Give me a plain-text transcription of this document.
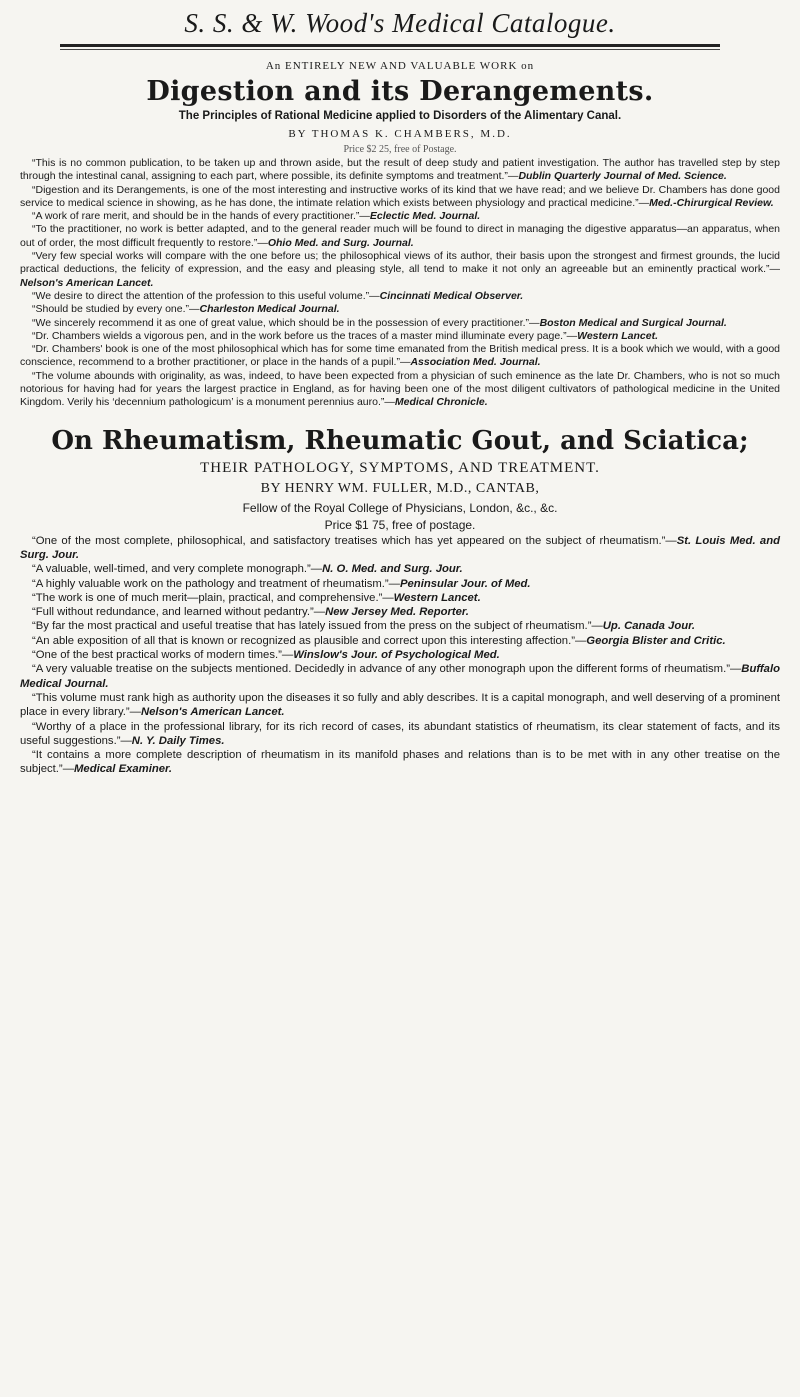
S. S. & W. Wood's Medical Catalogue.
An ENTIRELY NEW AND VALUABLE WORK on
Digestion and its Derangements.
The Principles of Rational Medicine applied to Disorders of the Alimentary Canal.
BY THOMAS K. CHAMBERS, M.D.
Price $2 25, free of Postage.

“This is no common publication, to be taken up and thrown aside, but the result of deep study and patient investigation. The author has travelled step by step through the intestinal canal, assigning to each part, where possible, its definite symptoms and treatment.”—Dublin Quarterly Journal of Med. Science.

“Digestion and its Derangements, is one of the most interesting and instructive works of its kind that we have read; and we believe Dr. Chambers has done good service to medical science in showing, as he has done, the intimate relation which exists between physiology and practical medicine.”—Med.-Chirurgical Review.

“A work of rare merit, and should be in the hands of every practitioner.”—Eclectic Med. Journal.

“To the practitioner, no work is better adapted, and to the general reader much will be found to direct in managing the digestive apparatus—an apparatus, when out of order, the most difficult frequently to restore.”—Ohio Med. and Surg. Journal.

“Very few special works will compare with the one before us; the philosophical views of its author, their basis upon the strongest and firmest grounds, the lucid practical deductions, the felicity of expression, and the easy and pleasing style, all tend to make it not only an agreeable but an eminently practical work.”—Nelson's American Lancet.

“We desire to direct the attention of the profession to this useful volume.”—Cincinnati Medical Observer.

“Should be studied by every one.”—Charleston Medical Journal.

“We sincerely recommend it as one of great value, which should be in the possession of every practitioner.”—Boston Medical and Surgical Journal.

“Dr. Chambers wields a vigorous pen, and in the work before us the traces of a master mind illuminate every page.”—Western Lancet.

“Dr. Chambers' book is one of the most philosophical which has for some time emanated from the British medical press. It is a book which we would, with a good conscience, recommend to a brother practitioner, or place in the hands of a pupil.”—Association Med. Journal.

“The volume abounds with originality, as was, indeed, to have been expected from a physician of such eminence as the late Dr. Chambers, who is not so much notorious for having had for years the largest practice in England, as for having been one of the most diligent cultivators of pathological medicine in the United Kingdom. Verily his ‘decennium pathologicum’ is a monument perennius auro.”—Medical Chronicle.

On Rheumatism, Rheumatic Gout, and Sciatica;
THEIR PATHOLOGY, SYMPTOMS, AND TREATMENT.
BY HENRY WM. FULLER, M.D., CANTAB,
Fellow of the Royal College of Physicians, London, &c., &c.
Price $1 75, free of postage.

“One of the most complete, philosophical, and satisfactory treatises which has yet appeared on the subject of rheumatism.”—St. Louis Med. and Surg. Jour.

“A valuable, well-timed, and very complete monograph.”—N. O. Med. and Surg. Jour.

“A highly valuable work on the pathology and treatment of rheumatism.”—Peninsular Jour. of Med.

“The work is one of much merit—plain, practical, and comprehensive.”—Western Lancet.

“Full without redundance, and learned without pedantry.”—New Jersey Med. Reporter.

“By far the most practical and useful treatise that has lately issued from the press on the subject of rheumatism.”—Up. Canada Jour.

“An able exposition of all that is known or recognized as plausible and correct upon this interesting affection.”—Georgia Blister and Critic.

“One of the best practical works of modern times.”—Winslow's Jour. of Psychological Med.

“A very valuable treatise on the subjects mentioned. Decidedly in advance of any other monograph upon the different forms of rheumatism.”—Buffalo Medical Journal.

“This volume must rank high as authority upon the diseases it so fully and ably describes. It is a capital monograph, and well deserving of a prominent place in every library.”—Nelson's American Lancet.

“Worthy of a place in the professional library, for its rich record of cases, its abundant statistics of rheumatism, its clear statement of facts, and its useful suggestions.”—N. Y. Daily Times.

“It contains a more complete description of rheumatism in its manifold phases and relations than is to be met with in any other treatise on the subject.”—Medical Examiner.
